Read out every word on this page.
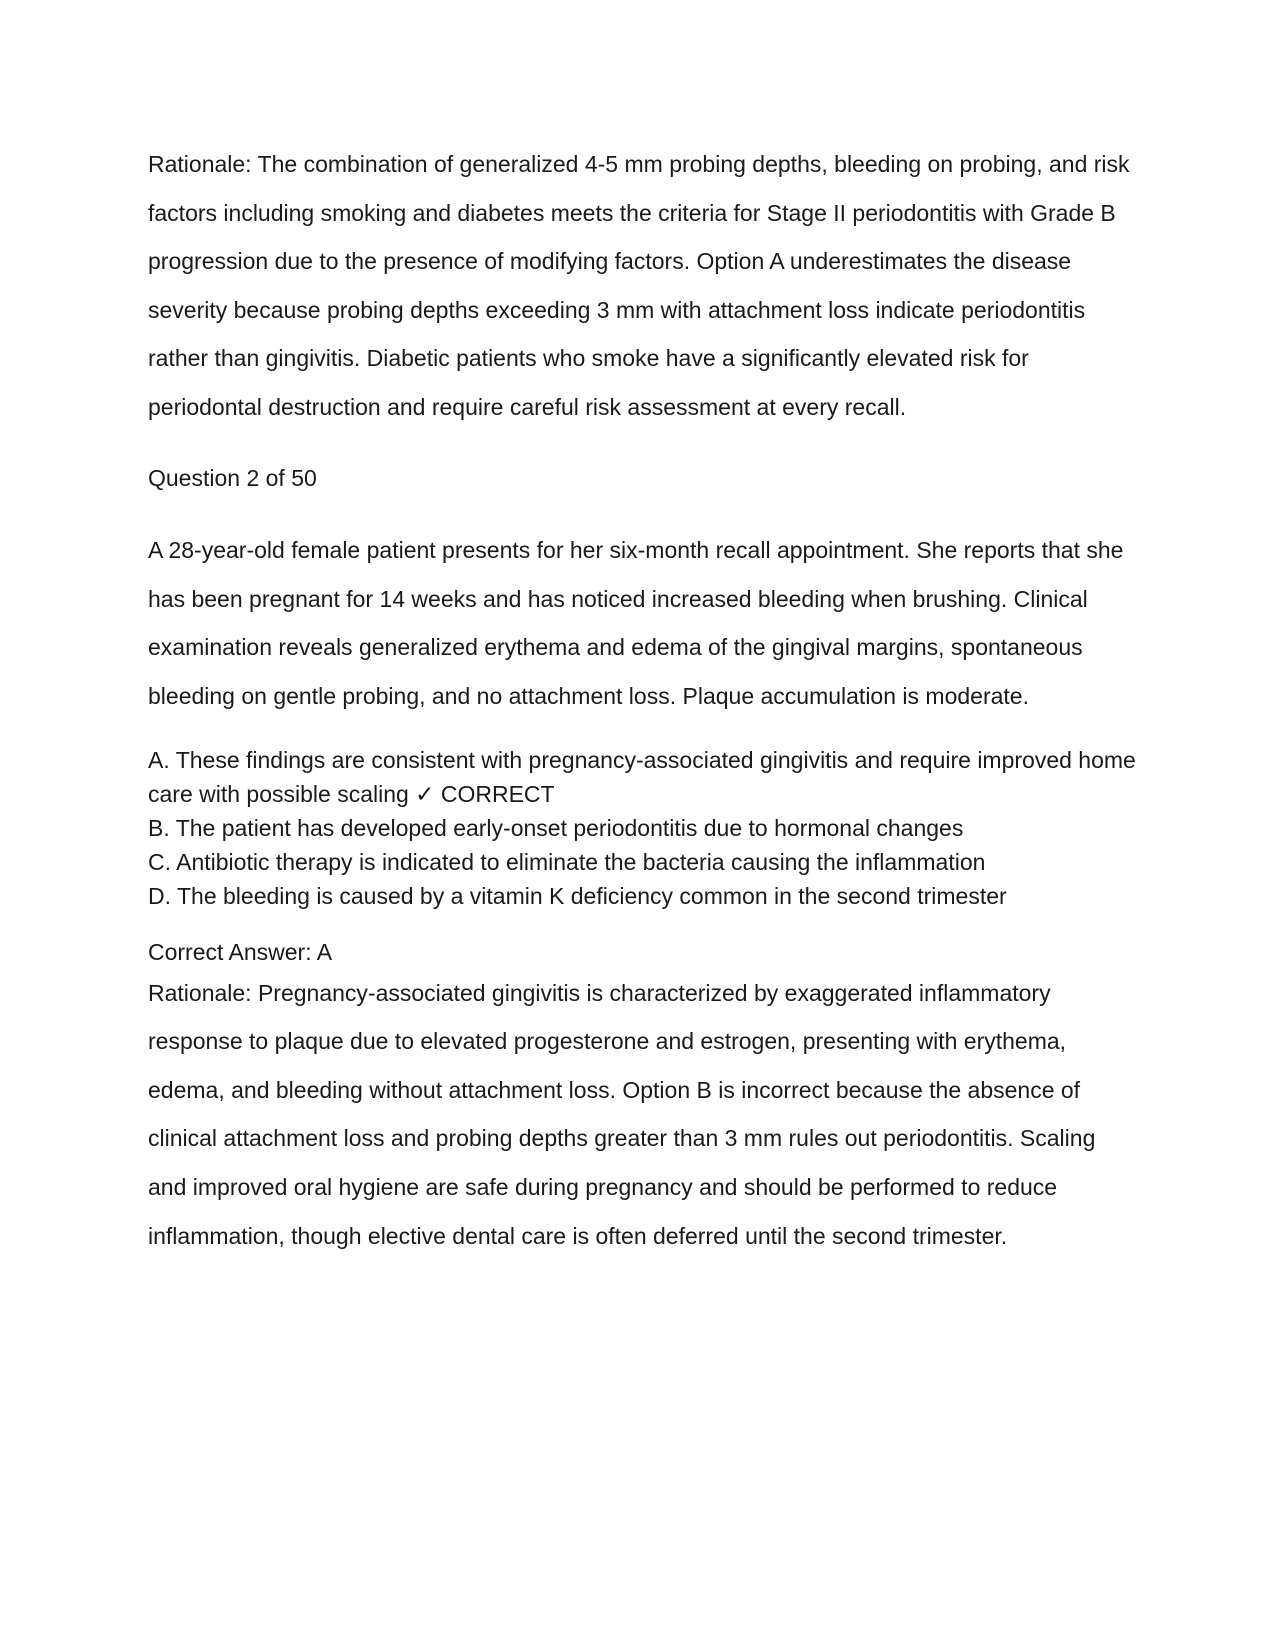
Rationale: The combination of generalized 4-5 mm probing depths, bleeding on probing, and risk factors including smoking and diabetes meets the criteria for Stage II periodontitis with Grade B progression due to the presence of modifying factors. Option A underestimates the disease severity because probing depths exceeding 3 mm with attachment loss indicate periodontitis rather than gingivitis. Diabetic patients who smoke have a significantly elevated risk for periodontal destruction and require careful risk assessment at every recall.

Question 2 of 50

A 28-year-old female patient presents for her six-month recall appointment. She reports that she has been pregnant for 14 weeks and has noticed increased bleeding when brushing. Clinical examination reveals generalized erythema and edema of the gingival margins, spontaneous bleeding on gentle probing, and no attachment loss. Plaque accumulation is moderate.

A. These findings are consistent with pregnancy-associated gingivitis and require improved home care with possible scaling ✓ CORRECT

B. The patient has developed early-onset periodontitis due to hormonal changes

C. Antibiotic therapy is indicated to eliminate the bacteria causing the inflammation

D. The bleeding is caused by a vitamin K deficiency common in the second trimester

Correct Answer: A

Rationale: Pregnancy-associated gingivitis is characterized by exaggerated inflammatory response to plaque due to elevated progesterone and estrogen, presenting with erythema, edema, and bleeding without attachment loss. Option B is incorrect because the absence of clinical attachment loss and probing depths greater than 3 mm rules out periodontitis. Scaling and improved oral hygiene are safe during pregnancy and should be performed to reduce inflammation, though elective dental care is often deferred until the second trimester.
